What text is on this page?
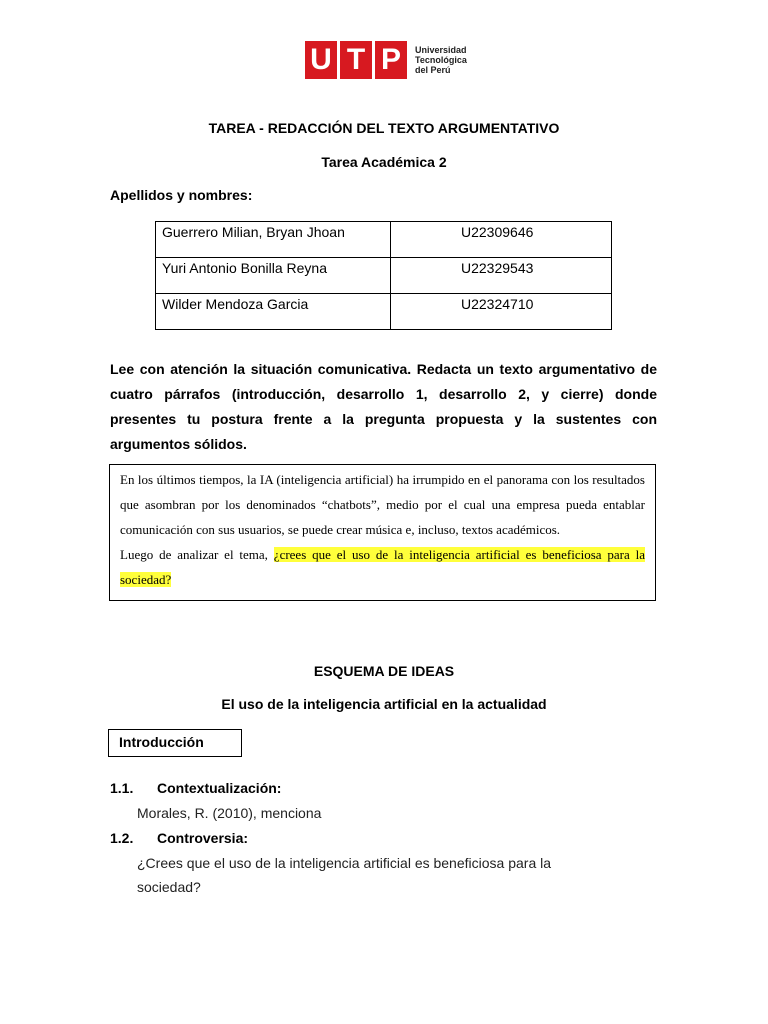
U T P	Universidad
Tecnológica
del Perú
TAREA - REDACCIÓN DEL TEXTO ARGUMENTATIVO
Tarea Académica 2
Apellidos y nombres:
Guerrero Milian, Bryan Jhoan	U22309646
Yuri Antonio Bonilla Reyna	U22329543
Wilder Mendoza Garcia	U22324710
Lee con atención la situación comunicativa. Redacta un texto argumentativo de cuatro párrafos (introducción, desarrollo 1, desarrollo 2, y cierre) donde presentes tu postura frente a la pregunta propuesta y la sustentes con argumentos sólidos.
En los últimos tiempos, la IA (inteligencia artificial) ha irrumpido en el panorama con los resultados que asombran por los denominados “chatbots”, medio por el cual una empresa pueda entablar comunicación con sus usuarios, se puede crear música e, incluso, textos académicos.
Luego de analizar el tema, ¿crees que el uso de la inteligencia artificial es beneficiosa para la sociedad?
ESQUEMA DE IDEAS
El uso de la inteligencia artificial en la actualidad
Introducción
1.1. Contextualización:
Morales, R. (2010), menciona
1.2. Controversia:
¿Crees que el uso de la inteligencia artificial es beneficiosa para la
sociedad?
